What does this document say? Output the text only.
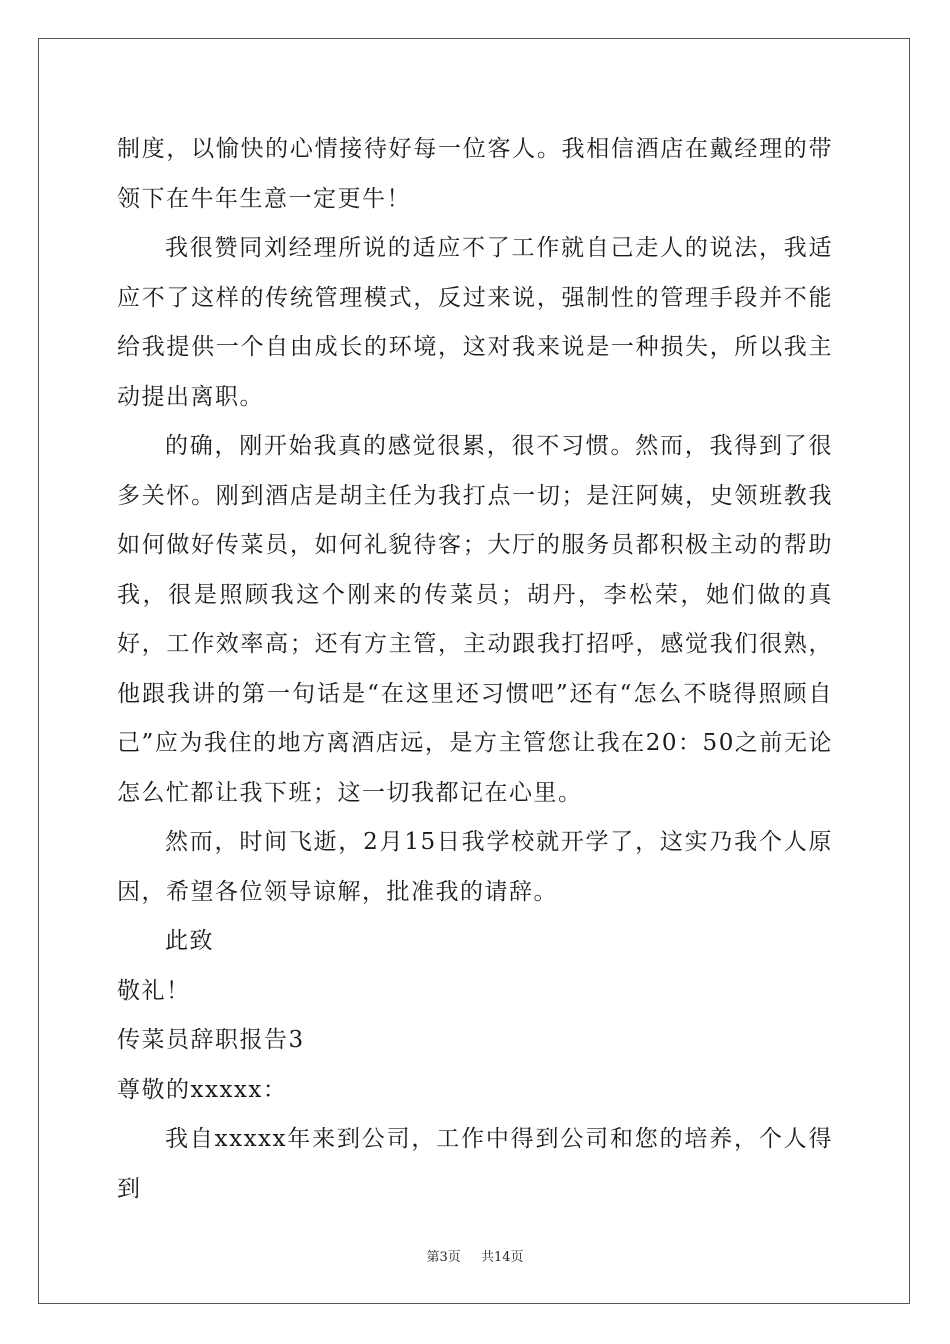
制度，以愉快的心情接待好每一位客人。我相信酒店在戴经理的带领下在牛年生意一定更牛！

我很赞同刘经理所说的适应不了工作就自己走人的说法，我适应不了这样的传统管理模式，反过来说，强制性的管理手段并不能给我提供一个自由成长的环境，这对我来说是一种损失，所以我主动提出离职。

的确，刚开始我真的感觉很累，很不习惯。然而，我得到了很多关怀。刚到酒店是胡主任为我打点一切；是汪阿姨，史领班教我如何做好传菜员，如何礼貌待客；大厅的服务员都积极主动的帮助我，很是照顾我这个刚来的传菜员；胡丹，李松荣，她们做的真好，工作效率高；还有方主管，主动跟我打招呼，感觉我们很熟，他跟我讲的第一句话是“在这里还习惯吧”还有“怎么不晓得照顾自己”应为我住的地方离酒店远，是方主管您让我在20：50之前无论怎么忙都让我下班；这一切我都记在心里。

然而，时间飞逝，2月15日我学校就开学了，这实乃我个人原因，希望各位领导谅解，批准我的请辞。

此致

敬礼！

传菜员辞职报告3

尊敬的xxxxx：

我自xxxxx年来到公司，工作中得到公司和您的培养，个人得到

第3页 共14页
